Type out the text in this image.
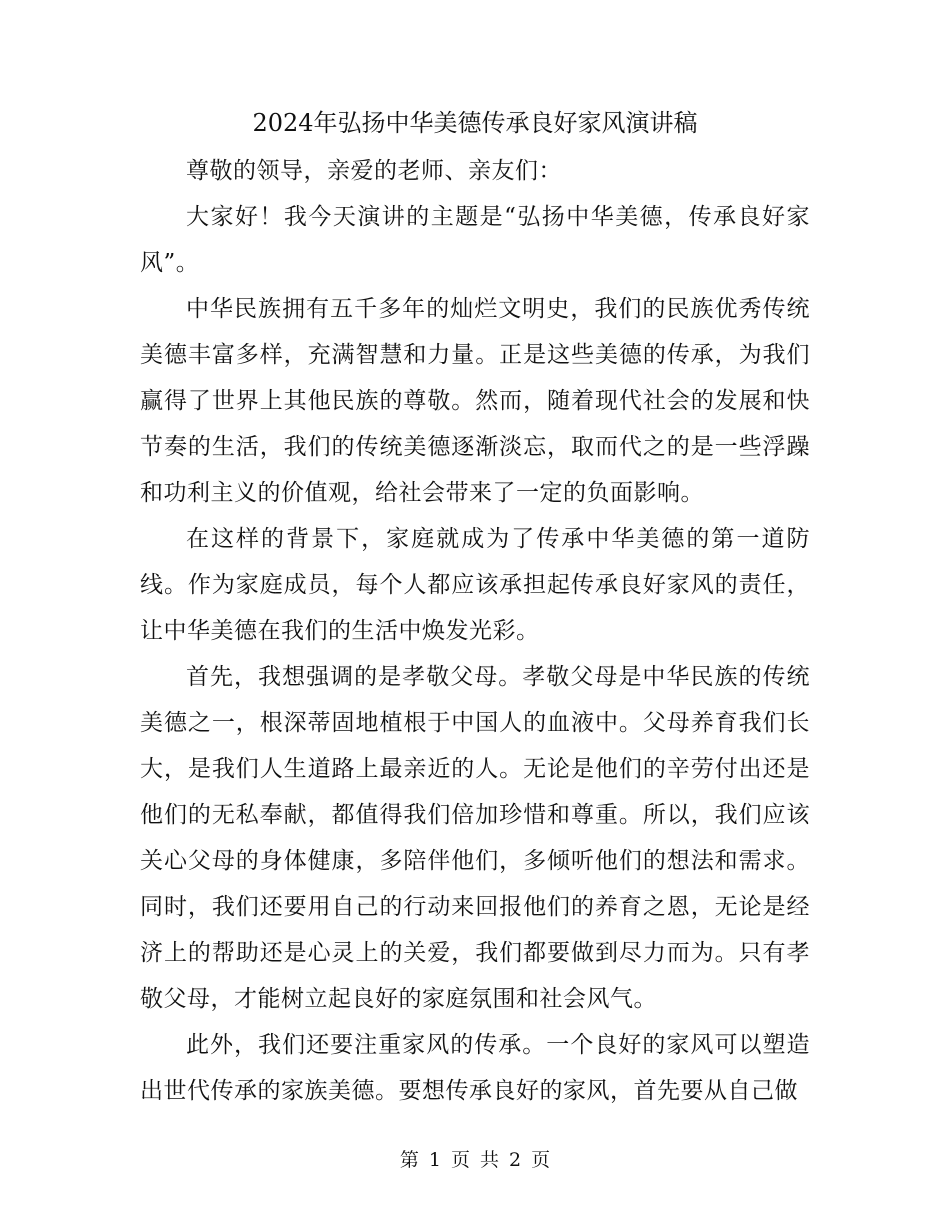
2024年弘扬中华美德传承良好家风演讲稿

尊敬的领导，亲爱的老师、亲友们：

大家好！我今天演讲的主题是“弘扬中华美德，传承良好家风”。

中华民族拥有五千多年的灿烂文明史，我们的民族优秀传统美德丰富多样，充满智慧和力量。正是这些美德的传承，为我们赢得了世界上其他民族的尊敬。然而，随着现代社会的发展和快节奏的生活，我们的传统美德逐渐淡忘，取而代之的是一些浮躁和功利主义的价值观，给社会带来了一定的负面影响。

在这样的背景下，家庭就成为了传承中华美德的第一道防线。作为家庭成员，每个人都应该承担起传承良好家风的责任，让中华美德在我们的生活中焕发光彩。

首先，我想强调的是孝敬父母。孝敬父母是中华民族的传统美德之一，根深蒂固地植根于中国人的血液中。父母养育我们长大，是我们人生道路上最亲近的人。无论是他们的辛劳付出还是他们的无私奉献，都值得我们倍加珍惜和尊重。所以，我们应该关心父母的身体健康，多陪伴他们，多倾听他们的想法和需求。同时，我们还要用自己的行动来回报他们的养育之恩，无论是经济上的帮助还是心灵上的关爱，我们都要做到尽力而为。只有孝敬父母，才能树立起良好的家庭氛围和社会风气。

此外，我们还要注重家风的传承。一个良好的家风可以塑造出世代传承的家族美德。要想传承良好的家风，首先要从自己做

第 1 页 共 2 页
